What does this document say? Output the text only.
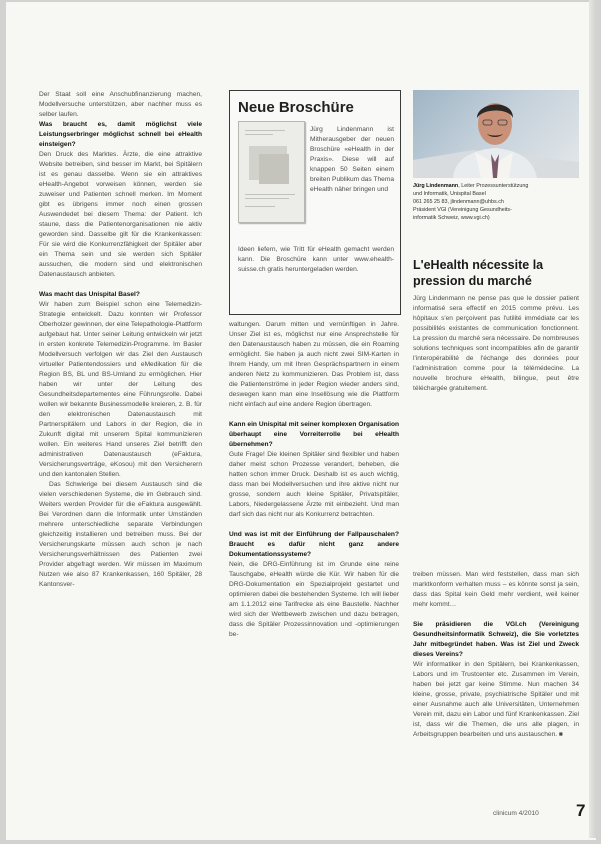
Der Staat soll eine Anschubfinanzierung machen, Modellversuche unterstützen, aber nachher muss es selber laufen.

Was braucht es, damit möglichst viele Leistungserbringer möglichst schnell bei eHealth einsteigen?

Den Druck des Marktes. Ärzte, die eine attraktive Website betreiben, sind besser im Markt, bei Spitälern ist es genau dasselbe. Wenn sie ein attraktives eHealth-Angebot vorweisen können, werden sie zuweiser und Patienten schnell merken. Im Moment gibt es übrigens immer noch einen grossen Auswendedet bei diesem Thema: der Patient. Ich staune, dass die Patientenorganisationen nie aktiv geworden sind. Dasselbe gilt für die Krankenkassen: Für sie wird die Konkurrenzfähigkeit der Spitäler aber ein Thema sein und sie werden sich Spitäler aussuchen, die modern sind und elektronischen Datenaustausch anbieten.

Was macht das Unispital Basel?

Wir haben zum Beispiel schon eine Telemedizin-Strategie entwickelt. Dazu konnten wir Professor Oberholzer gewinnen, der eine Telepathologie-Plattform aufgebaut hat. Unter seiner Leitung entwickeln wir jetzt in ersten konkrete Telemedizin-Programme. Im Basler Modellversuch verfolgen wir das Ziel den Austausch virtueller Patientendossiers und eMedikation für die Region BS, BL und BS-Umland zu ermöglichen. Hier haben wir unter der Leitung des Gesundheitsdepartementes eine Führungsrolle. Dabei wollen wir bekannte Businessmodelle kreieren, z. B. für den elektronischen Datenaustausch mit Partnerspitälern und Labors in der Region, die in Zukunft digital mit unserem Spital kommunizieren wollen. Ein weiteres Hand unseres Ziel betrifft den administrativen Datenaustausch (eFaktura, Versicherungsverträge, eKosou) mit den Versicherern und den kantonalen Stellen.

Das Schwierige bei diesem Austausch sind die vielen verschiedenen Systeme, die im Gebrauch sind. Weiters werden Provider für die eFaktura ausgewählt. Bei Verordnen dann die Informatik unter Umständen mehrere unterschiedliche separate Verbindungen gleichzeitig installieren und betreiben muss. Bei der Versicherungskarte müssen auch schon je nach Versicherungsverhältnissen des Patienten zwei Provider abgefragt werden. Wir müssen im Maximum Nutzen wie also 87 Krankenkassen, 160 Spitäler, 28 Kantonsver-

Neue Broschüre
Jürg Lindenmann ist Mitherausgeber der neuen Broschüre «eHealth in der Praxis». Diese will auf knappen 50 Seiten einem breiten Publikum das Thema eHealth näher bringen und
Ideen liefern, wie Tritt für eHealth gemacht werden kann. Die Broschüre kann unter www.ehealth-suisse.ch gratis heruntergeladen werden.

waltungen. Darum mitten und vernünftigen in Jahre. Unser Ziel ist es, möglichst nur eine Ansprechstelle für den Datenaustausch haben zu müssen, die ein Roaming ermöglicht. Sie haben ja auch nicht zwei SIM-Karten in Ihrem Handy, um mit Ihren Gesprächspartnern in einem anderen Netz zu kommunizieren. Das Problem ist, dass die Patientenströme in jeder Region wieder anders sind, deswegen kann man eine Insellösung wie die Plattform nicht einfach auf eine andere Region übertragen.

Kann ein Unispital mit seiner komplexen Organisation überhaupt eine Vorreiterrolle bei eHealth übernehmen?

Gute Frage! Die kleinen Spitäler sind flexibler und haben daher meist schon Prozesse verandert, beheben, die hatten schon immer Druck. Deshalb ist es auch wichtig, dass man bei Modellversuchen und ihre aktive nicht nur grosse, sondern auch kleine Spitäler, Privatspitäler, Labors, Niedergelassene Ärzte mit einbezieht. Und man darf sich das nicht nur als Konkurrenz betrachten.

Und was ist mit der Einführung der Fallpauschalen? Braucht es dafür nicht ganz andere Dokumentationssysteme?

Nein, die DRG-Einführung ist im Grunde eine reine Tauschgabe, eHealth würde die Kür. Wir haben für die DRG-Dokumentation ein Spezialprojekt gestartet und optimieren dabei die bestehenden Systeme. Ich will lieber am 1.1.2012 eine Tarifrecke als eine Baustelle. Nachher wird sich der Wettbewerb zwischen und dazu betragen, dass die Spitäler Prozessinnovation und -optimierungen be-

Jürg Lindenmann, Leiter Prozessunterstützung
und Informatik, Unispital Basel
061 265 25 83, jlindenmann@uhbs.ch
Präsident VGI (Vereinigung Gesundheits-
informatik Schweiz, www.vgi.ch)
L'eHealth nécessite la pression du marché

Jürg Lindenmann ne pense pas que le dossier patient informatisé sera effectif en 2015 comme prévu. Les hôpitaux s'en perçoivent pas l'utilité immédiate car les possibilités existantes de communication fonctionnent. La pression du marché sera nécessaire. De nombreuses solutions techniques sont incompatibles afin de garantir l'interopérabilité de l'échange des données pour l'administration comme pour la télémédecine. La nouvelle brochure eHealth, bilingue, peut être téléchargée gratuitement.

treiben müssen. Man wird feststellen, dass man sich marktkonform verhalten muss – es könnte sonst ja sein, dass das Spital kein Geld mehr verdient, weil keiner mehr kommt…

Sie präsidieren die VGI.ch (Vereinigung Gesundheitsinformatik Schweiz), die Sie vorletztes Jahr mitbegründet haben. Was ist Ziel und Zweck dieses Vereins?

Wir informatiker in den Spitälern, bei Krankenkassen, Labors und im Trustcenter etc. Zusammen im Verein, haben bei jetzt gar keine Stimme. Nun machen 34 kleine, grosse, private, psychiatrische Spitäler und mit einer Ausnahme auch alle Universitäten, Unternehmen Verein mit, dazu ein Labor und fünf Krankenkassen. Ziel ist, dass wir die Themen, die uns alle plagen, in Arbeitsgruppen bearbeiten und uns austauschen. ■

clinicum 4/2010 7
